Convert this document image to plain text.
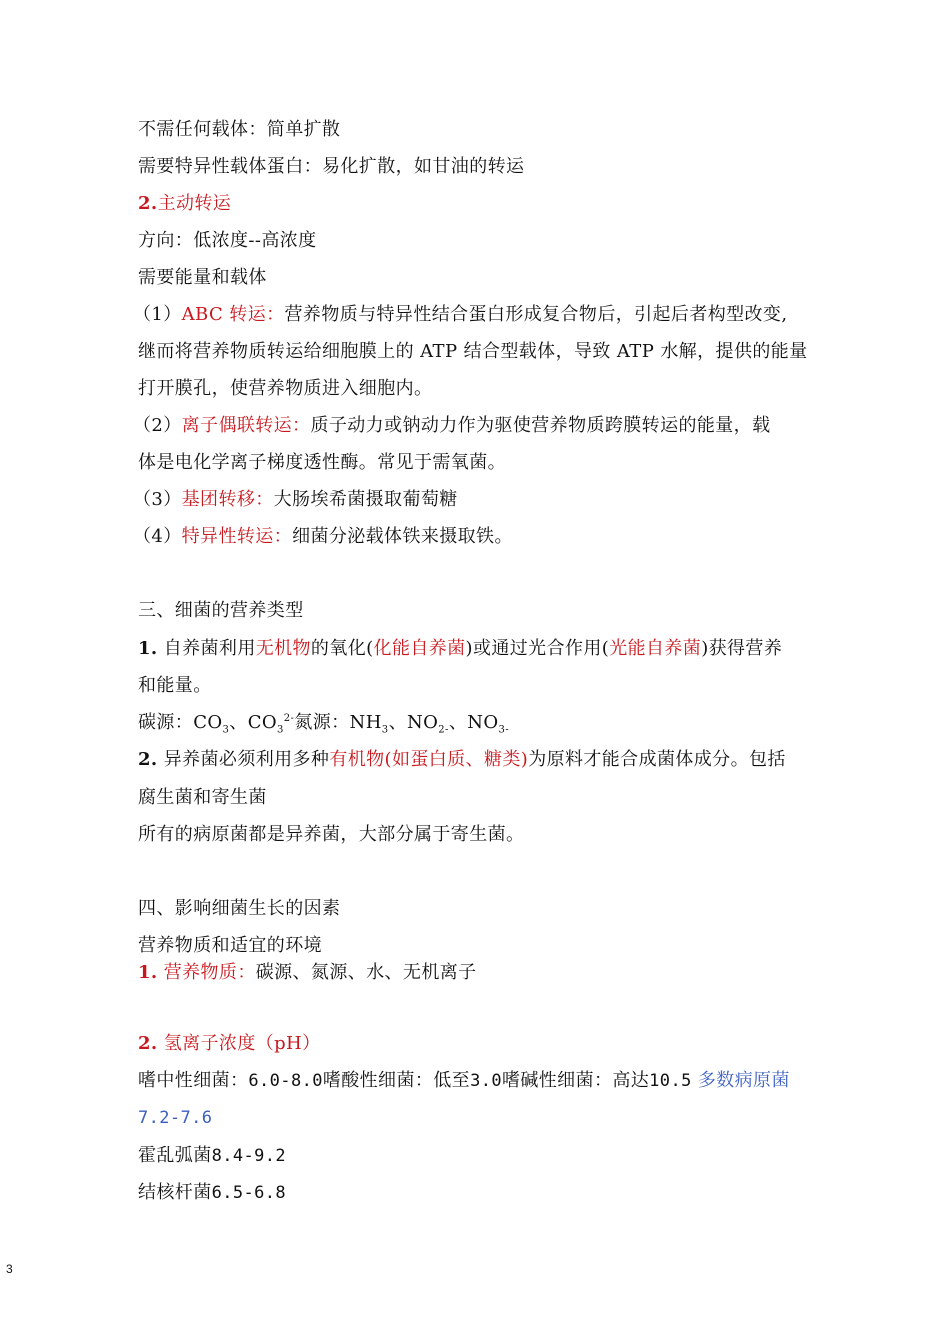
不需任何载体：简单扩散
需要特异性载体蛋白：易化扩散，如甘油的转运
2.主动转运
方向：低浓度--高浓度
需要能量和载体
（1）ABC 转运：营养物质与特异性结合蛋白形成复合物后，引起后者构型改变,
继而将营养物质转运给细胞膜上的 ATP 结合型载体，导致 ATP 水解，提供的能量
打开膜孔，使营养物质进入细胞内。
（2）离子偶联转运：质子动力或钠动力作为驱使营养物质跨膜转运的能量，载
体是电化学离子梯度透性酶。常见于需氧菌。
（3）基团转移：大肠埃希菌摄取葡萄糖
（4）特异性转运：细菌分泌载体铁来摄取铁。
三、细菌的营养类型
1. 自养菌利用无机物的氧化(化能自养菌)或通过光合作用(光能自养菌)获得营养
和能量。
碳源：$CO_3$、$CO_3^{2-}$氮源：$NH_3$、$NO_{2-}$、$NO_{3-}$
2. 异养菌必须利用多种有机物(如蛋白质、糖类)为原料才能合成菌体成分。包括
腐生菌和寄生菌
所有的病原菌都是异养菌，大部分属于寄生菌。
四、影响细菌生长的因素
营养物质和适宜的环境
1. 营养物质：碳源、氮源、水、无机离子
2. 氢离子浓度（pH）
嗜中性细菌：6.0-8.0嗜酸性细菌：低至3.0嗜碱性细菌：高达10.5 多数病原菌
7.2-7.6
霍乱弧菌8.4-9.2
结核杆菌6.5-6.8
3
